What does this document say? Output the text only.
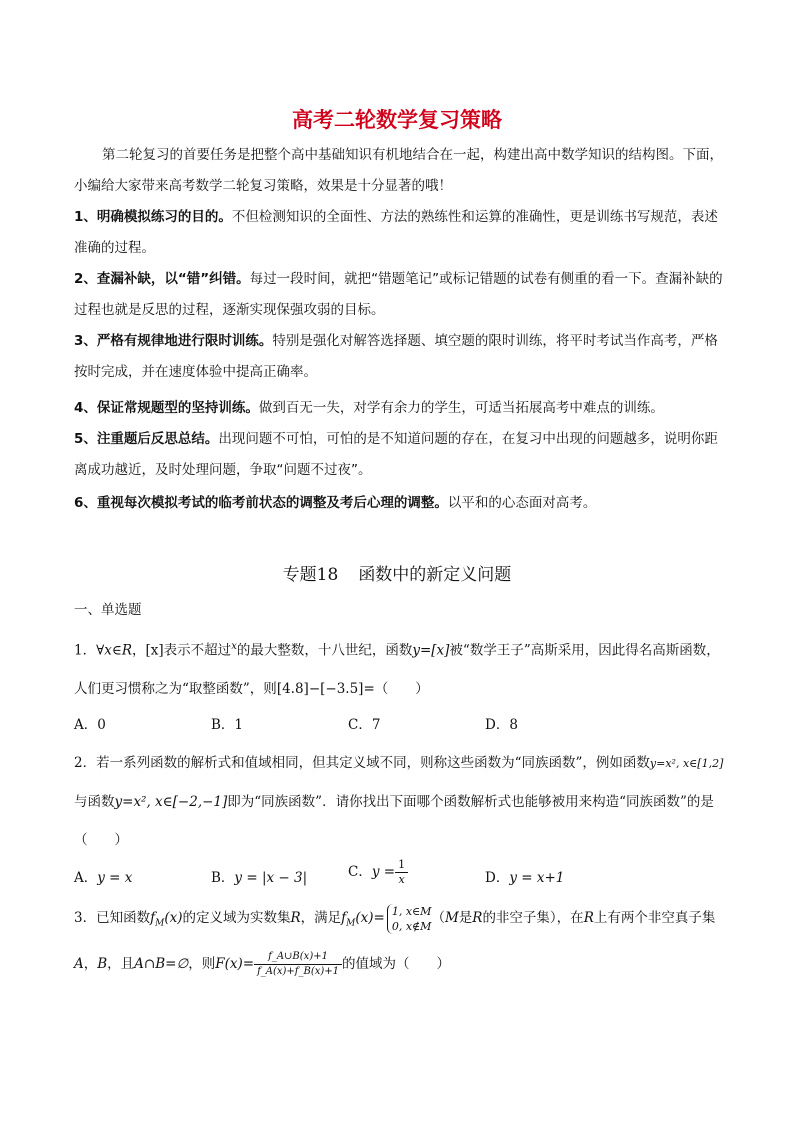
高考二轮数学复习策略

第二轮复习的首要任务是把整个高中基础知识有机地结合在一起，构建出高中数学知识的结构图。下面，小编给大家带来高考数学二轮复习策略，效果是十分显著的哦！

1、明确模拟练习的目的。不但检测知识的全面性、方法的熟练性和运算的准确性，更是训练书写规范，表述准确的过程。

2、查漏补缺，以“错”纠错。每过一段时间，就把“错题笔记”或标记错题的试卷有侧重的看一下。查漏补缺的过程也就是反思的过程，逐渐实现保强攻弱的目标。

3、严格有规律地进行限时训练。特别是强化对解答选择题、填空题的限时训练，将平时考试当作高考，严格按时完成，并在速度体验中提高正确率。

4、保证常规题型的坚持训练。做到百无一失，对学有余力的学生，可适当拓展高考中难点的训练。

5、注重题后反思总结。出现问题不可怕，可怕的是不知道问题的存在，在复习中出现的问题越多，说明你距离成功越近，及时处理问题，争取“问题不过夜”。

6、重视每次模拟考试的临考前状态的调整及考后心理的调整。以平和的心态面对高考。

专题18 函数中的新定义问题
一、单选题
1．∀x∈R，[x]表示不超过$^x$的最大整数，十八世纪，函数y=[x]被“数学王子”高斯采用，因此得名高斯函数，人们更习惯称之为“取整函数”，则[4.8]−[−3.5]=（　　）
A．0	B．1	C．7	D．8
2．若一系列函数的解析式和值域相同，但其定义域不同，则称这些函数为“同族函数”，例如函数y=x², x∈[1,2]与函数y=x², x∈[−2,−1]即为“同族函数”．请你找出下面哪个函数解析式也能够被用来构造“同族函数”的是（　　）
A．y = x	B．y = |x − 3|	C．$y = \frac{1}{x}$	D．y = x+1
3．已知函数$f_M(x)$的定义域为实数集R，满足$f_M(x)= 1$, x∈M
0, x∉M （M是R的非空子集），在R上有两个非空真子集A，B，且A∩B=∅，则$F(x)= \frac{f\_A\cup B(x)+1}{f\_A(x)+f\_B(x)+1}$ 的值域为（　　）
